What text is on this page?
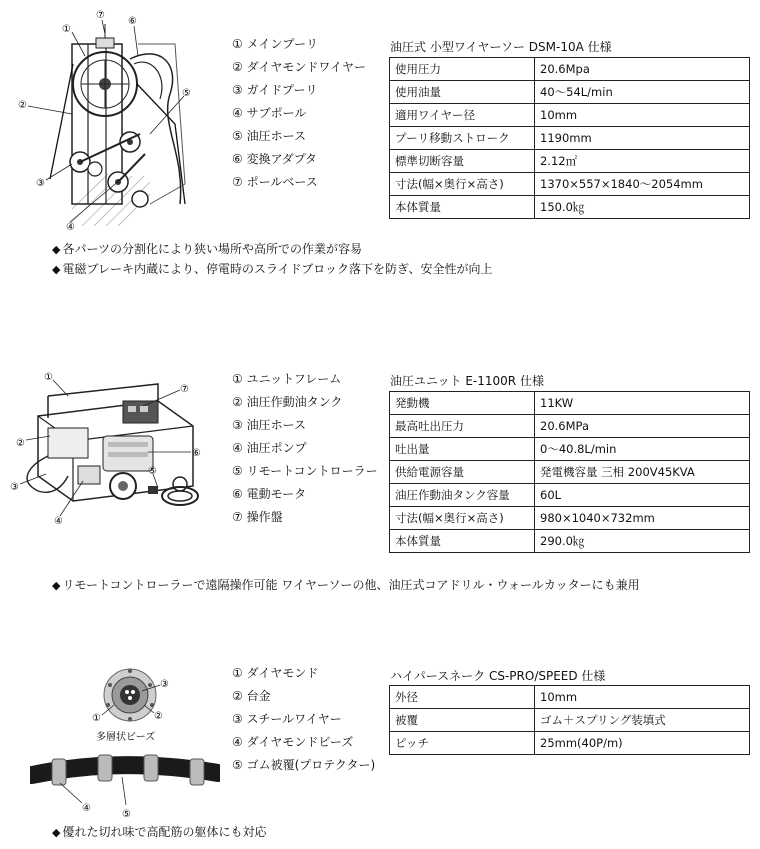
⑦
⑥
⑤
②
③
④
①
① メインプーリ
② ダイヤモンドワイヤー
③ ガイドプーリ
④ サブポール
⑤ 油圧ホース
⑥ 変換アダプタ
⑦ ポールベース
油圧式 小型ワイヤーソー DSM-10A 仕様
使用圧力	20.6Mpa
使用油量	40～54L/min
適用ワイヤー径	10mm
プーリ移動ストローク	1190mm
標準切断容量	2.12㎡
寸法(幅×奥行×高さ)	1370×557×1840～2054mm
本体質量	150.0㎏
◆ 各パーツの分割化により狭い場所や高所での作業が容易
◆ 電磁ブレーキ内蔵により、停電時のスライドブロック落下を防ぎ、安全性が向上
①
⑦
②
⑥
③
⑤
④
① ユニットフレーム
② 油圧作動油タンク
③ 油圧ホース
④ 油圧ポンプ
⑤ リモートコントローラー
⑥ 電動モータ
⑦ 操作盤
油圧ユニット E-1100R 仕様
発動機	11KW
最高吐出圧力	20.6MPa
吐出量	0～40.8L/min
供給電源容量	発電機容量 三相 200V45KVA
油圧作動油タンク容量	60L
寸法(幅×奥行×高さ)	980×1040×732mm
本体質量	290.0㎏
◆ リモートコントローラーで遠隔操作可能 ワイヤーソーの他、油圧式コアドリル・ウォールカッターにも兼用
③
①	②
多層状ビーズ
④
⑤
① ダイヤモンド
② 台金
③ スチールワイヤー
④ ダイヤモンドビーズ
⑤ ゴム被覆(プロテクター)
ハイパースネーク CS-PRO/SPEED 仕様
外径	10mm
被覆	ゴム＋スプリング装填式
ピッチ	25mm(40P/m)
◆ 優れた切れ味で高配筋の躯体にも対応
